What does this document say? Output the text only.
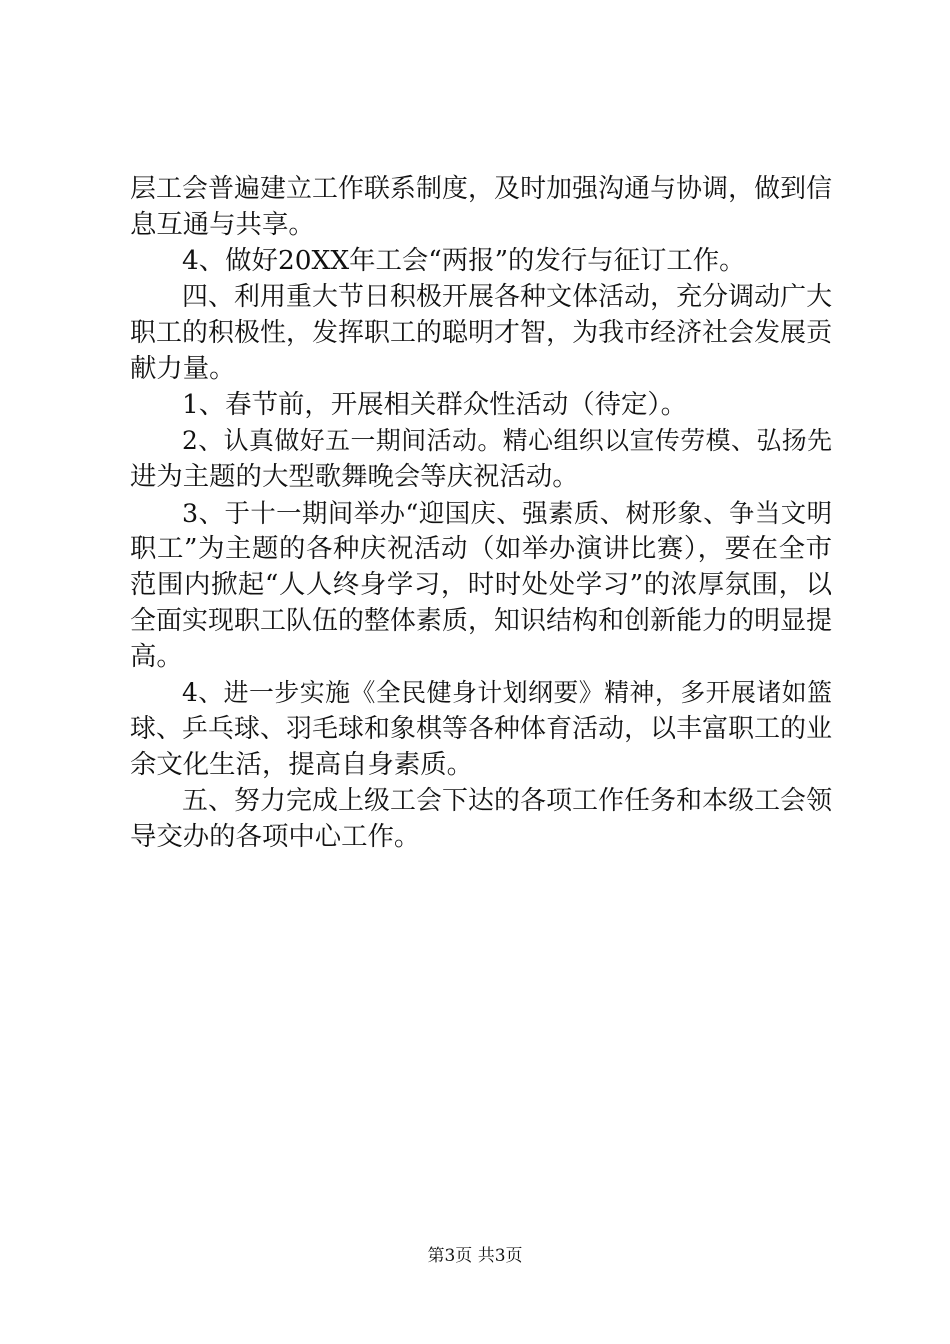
层工会普遍建立工作联系制度，及时加强沟通与协调，做到信
息互通与共享。
4、做好20XX年工会“两报”的发行与征订工作。
四、利用重大节日积极开展各种文体活动，充分调动广大
职工的积极性，发挥职工的聪明才智，为我市经济社会发展贡
献力量。
1、春节前，开展相关群众性活动（待定）。
2、认真做好五一期间活动。精心组织以宣传劳模、弘扬先
进为主题的大型歌舞晚会等庆祝活动。
3、于十一期间举办“迎国庆、强素质、树形象、争当文明
职工”为主题的各种庆祝活动（如举办演讲比赛），要在全市
范围内掀起“人人终身学习，时时处处学习”的浓厚氛围，以
全面实现职工队伍的整体素质，知识结构和创新能力的明显提
高。
4、进一步实施《全民健身计划纲要》精神，多开展诸如篮
球、乒乓球、羽毛球和象棋等各种体育活动，以丰富职工的业
余文化生活，提高自身素质。
五、努力完成上级工会下达的各项工作任务和本级工会领
导交办的各项中心工作。
第3页 共3页
